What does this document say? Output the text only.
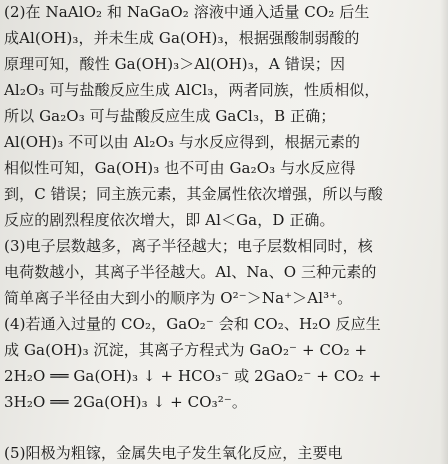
(2)在 NaAlO₂ 和 NaGaO₂ 溶液中通入适量 CO₂ 后生
成Al(OH)₃，并未生成 Ga(OH)₃，根据强酸制弱酸的
原理可知，酸性 Ga(OH)₃＞Al(OH)₃，A 错误；因
Al₂O₃ 可与盐酸反应生成 AlCl₃，两者同族，性质相似，
所以 Ga₂O₃ 可与盐酸反应生成 GaCl₃，B 正确；
Al(OH)₃ 不可以由 Al₂O₃ 与水反应得到，根据元素的
相似性可知，Ga(OH)₃ 也不可由 Ga₂O₃ 与水反应得
到，C 错误；同主族元素，其金属性依次增强，所以与酸
反应的剧烈程度依次增大，即 Al＜Ga，D 正确。
(3)电子层数越多，离子半径越大；电子层数相同时，核
电荷数越小，其离子半径越大。Al、Na、O 三种元素的
简单离子半径由大到小的顺序为 O²⁻＞Na⁺＞Al³⁺。
(4)若通入过量的 CO₂，GaO₂⁻ 会和 CO₂、H₂O 反应生
成 Ga(OH)₃ 沉淀，其离子方程式为 GaO₂⁻ + CO₂ +
2H₂O ══ Ga(OH)₃ ↓ + HCO₃⁻ 或 2GaO₂⁻ + CO₂ +
3H₂O ══ 2Ga(OH)₃ ↓ + CO₃²⁻。
(5)阳极为粗镓，金属失电子发生氧化反应，主要电
